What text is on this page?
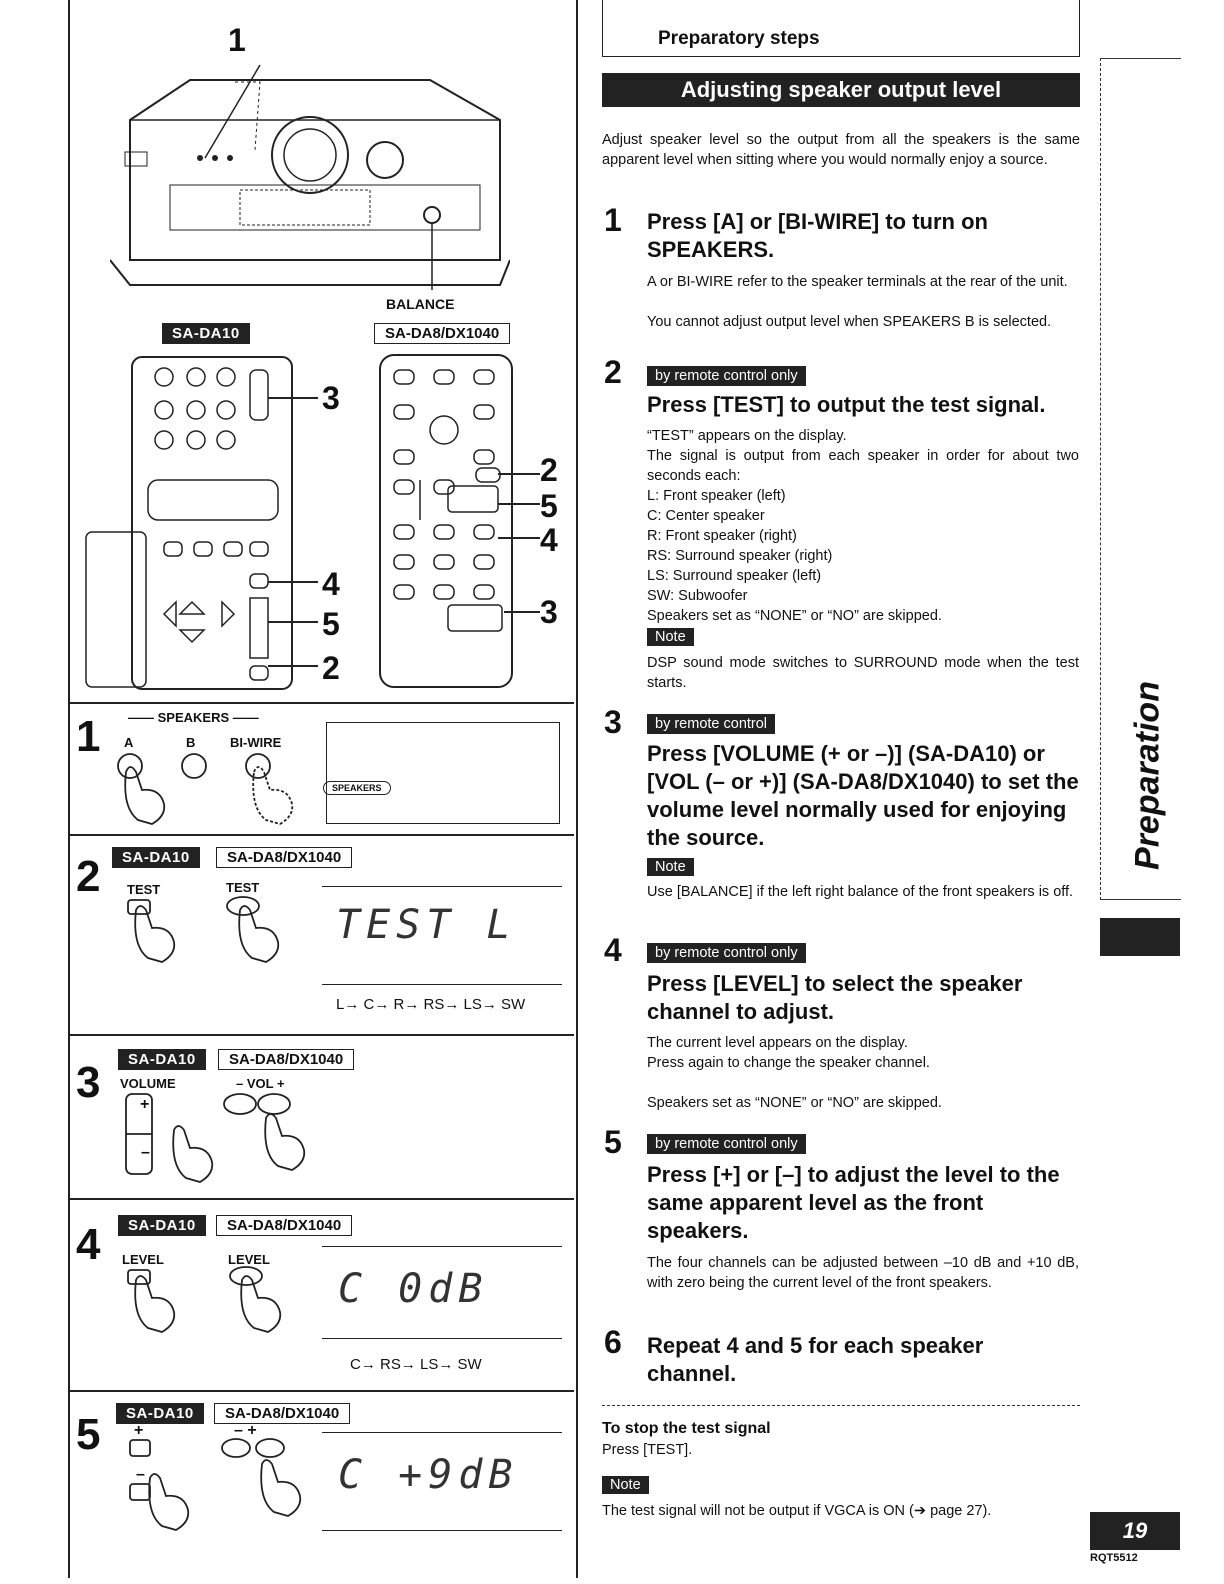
1
BALANCE
SA-DA10	SA-DA8/DX1040
3
4
5
2
2
5
4
3
1 —— SPEAKERS ——
A	B	BI-WIRE
SPEAKERS
2	SA-DA10	SA-DA8/DX1040
TEST	TEST
TEST L
L→ C→ R→ RS→ LS→ SW
3	SA-DA10	SA-DA8/DX1040
VOLUME	– VOL +
+
–
4	SA-DA10	SA-DA8/DX1040
LEVEL	LEVEL
C 0dB
C→ RS→ LS→ SW
5	SA-DA10	SA-DA8/DX1040
+
–
– +
C +9dB
Preparatory steps
Adjusting speaker output level
Adjust speaker level so the output from all the speakers is the same apparent level when sitting where you would normally enjoy a source.
1 Press [A] or [BI-WIRE] to turn on SPEAKERS.
A or BI-WIRE refer to the speaker terminals at the rear of the unit.
You cannot adjust output level when SPEAKERS B is selected.
2	by remote control only
Press [TEST] to output the test signal.
“TEST” appears on the display.
The signal is output from each speaker in order for about two seconds each:
L: Front speaker (left)
C: Center speaker
R: Front speaker (right)
RS: Surround speaker (right)
LS: Surround speaker (left)
SW: Subwoofer
Speakers set as “NONE” or “NO” are skipped.
Note
DSP sound mode switches to SURROUND mode when the test starts.
3	by remote control
Press [VOLUME (+ or –)] (SA-DA10) or [VOL (– or +)] (SA-DA8/DX1040) to set the volume level normally used for enjoying the source.
Note
Use [BALANCE] if the left right balance of the front speakers is off.
4	by remote control only
Press [LEVEL] to select the speaker channel to adjust.
The current level appears on the display.
Press again to change the speaker channel.
Speakers set as “NONE” or “NO” are skipped.
5	by remote control only
Press [+] or [–] to adjust the level to the same apparent level as the front speakers.
The four channels can be adjusted between –10 dB and +10 dB, with zero being the current level of the front speakers.
6 Repeat 4 and 5 for each speaker channel.
To stop the test signal
Press [TEST].
Note
The test signal will not be output if VGCA is ON (➔ page 27).
Preparation
19
RQT5512
